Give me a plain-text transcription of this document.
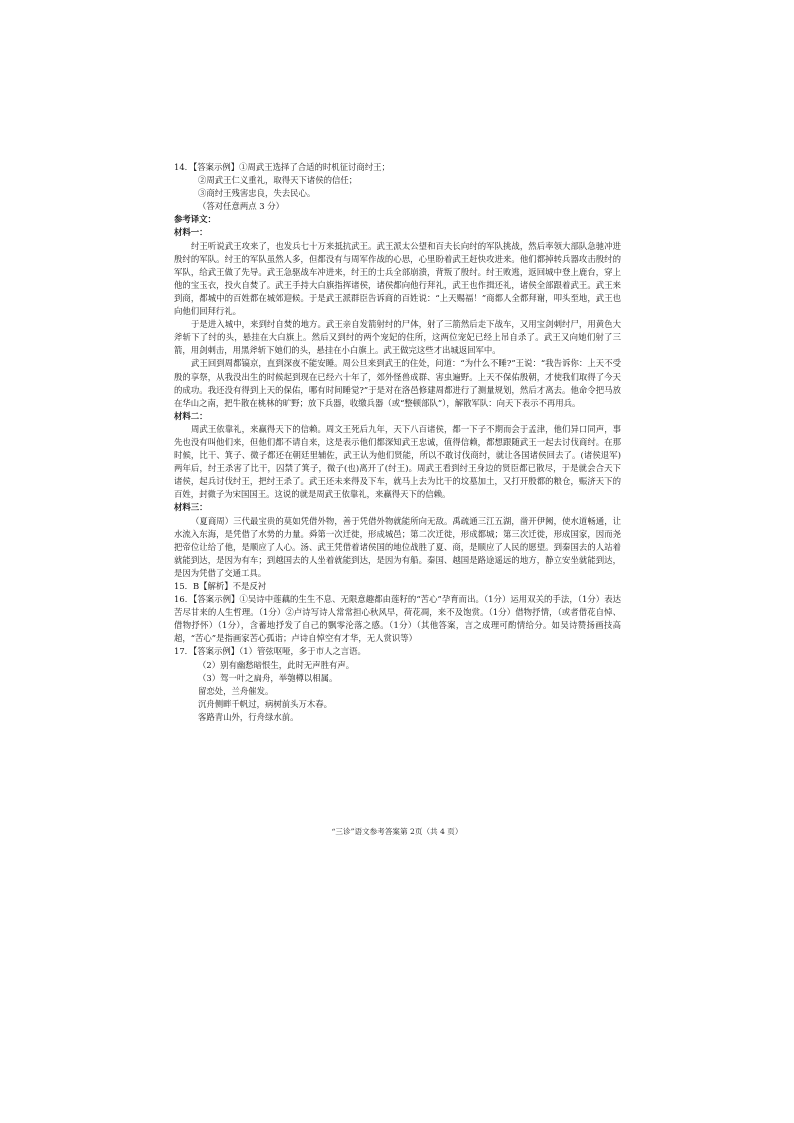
14．【答案示例】①周武王选择了合适的时机征讨商纣王；
②周武王仁义重礼，取得天下诸侯的信任；
③商纣王残害忠良，失去民心。
（答对任意两点 3 分）
参考译文：
材料一：
纣王听说武王攻来了，也发兵七十万来抵抗武王。武王派太公望和百夫长向纣的军队挑战，然后率领大部队急驰冲进殷纣的军队。纣王的军队虽然人多，但都没有与周军作战的心思，心里盼着武王赶快攻进来。他们都掉转兵器攻击殷纣的军队，给武王做了先导。武王急驱战车冲进来，纣王的士兵全部崩溃，背叛了殷纣。纣王败逃，返回城中登上鹿台，穿上他的宝玉衣，投火自焚了。武王手持大白旗指挥诸侯，诸侯都向他行拜礼，武王也作揖还礼，诸侯全部跟着武王。武王来到商，都城中的百姓都在城郊迎候。于是武王派群臣告诉商的百姓说：“上天赐福！”商都人全都拜谢，叩头至地，武王也向他们回拜行礼。
于是进入城中，来到纣自焚的地方。武王亲自发箭射纣的尸体，射了三箭然后走下战车，又用宝剑刺纣尸，用黄色大斧斩下了纣的头，悬挂在大白旗上。然后又到纣的两个宠妃的住所，这两位宠妃已经上吊自杀了。武王又向她们射了三箭，用剑刺击，用黑斧斩下她们的头，悬挂在小白旗上。武王做完这些才出城返回军中。
武王回到周都镐京，直到深夜不能安睡。周公旦来到武王的住处，问道：“为什么不睡?”王说：“我告诉你：上天不受殷的享祭，从我没出生的时候起到现在已经六十年了，郊外怪兽成群、害虫遍野。上天不保佑殷朝，才使我们取得了今天的成功。我还没有得到上天的保佑，哪有时间睡觉?”于是对在洛邑修建周都进行了测量规划，然后才离去。他命令把马放在华山之南，把牛散在桃林的旷野；放下兵器，收缴兵器（或“整顿部队”），解散军队：向天下表示不再用兵。
材料二：
周武王依靠礼，来赢得天下的信赖。周文王死后九年，天下八百诸侯，都一下子不期而会于孟津，他们异口同声，事先也没有叫他们来，但他们都不请自来，这是表示他们都深知武王忠诚，值得信赖，都想跟随武王一起去讨伐商纣。在那时候，比干、箕子、微子都还在朝廷里辅佐，武王认为他们贤能，所以不敢讨伐商纣，就让各国诸侯回去了。(诸侯退军)两年后，纣王杀害了比干，囚禁了箕子，微子(也)离开了(纣王)。周武王看到纣王身边的贤臣都已散尽，于是就会合天下诸侯，起兵讨伐纣王，把纣王杀了。武王还未来得及下车，就马上去为比干的坟墓加土，又打开殷都的粮仓，赈济天下的百姓，封微子为宋国国王。这说的就是周武王依靠礼，来赢得天下的信赖。
材料三：
（夏商周）三代最宝贵的莫如凭借外物，善于凭借外物就能所向无敌。禹疏通三江五湖，凿开伊阙，使水道畅通，让水流入东海，是凭借了水势的力量。舜第一次迁徙，形成城邑；第二次迁徙，形成都城；第三次迁徙，形成国家，因而尧把帝位让给了他，是顺应了人心。汤、武王凭借着诸侯国的地位战胜了夏、商，是顺应了人民的愿望。到秦国去的人站着就能到达，是因为有车；到越国去的人坐着就能到达，是因为有船。秦国、越国是路途遥远的地方，静立安坐就能到达，是因为凭借了交通工具。
15．B【解析】不是反衬
16．【答案示例】①吴诗中莲藕的生生不息、无限意趣都由莲籽的“苦心”孕育而出。（1分）运用双关的手法，（1分）表达苦尽甘来的人生哲理。（1分）②卢诗写诗人常常担心秋风早，荷花凋，来不及饱赏。（1分）借物抒情，（或者借花自悼、借物抒怀）（1分），含蓄地抒发了自己的飘零沦落之感。（1分）（其他答案，言之成理可酌情给分。如吴诗赞扬画技高超，“苦心”是指画家苦心孤诣；卢诗自悼空有才华，无人赏识等）
17．【答案示例】（1）管弦呕哑，多于市人之言语。
（2）别有幽愁暗恨生，此时无声胜有声。
（3）驾一叶之扁舟，举匏樽以相属。
留恋处，兰舟催发。
沉舟侧畔千帆过，病树前头万木春。
客路青山外，行舟绿水前。
“三诊”语文参考答案第 2页（共 4 页）
